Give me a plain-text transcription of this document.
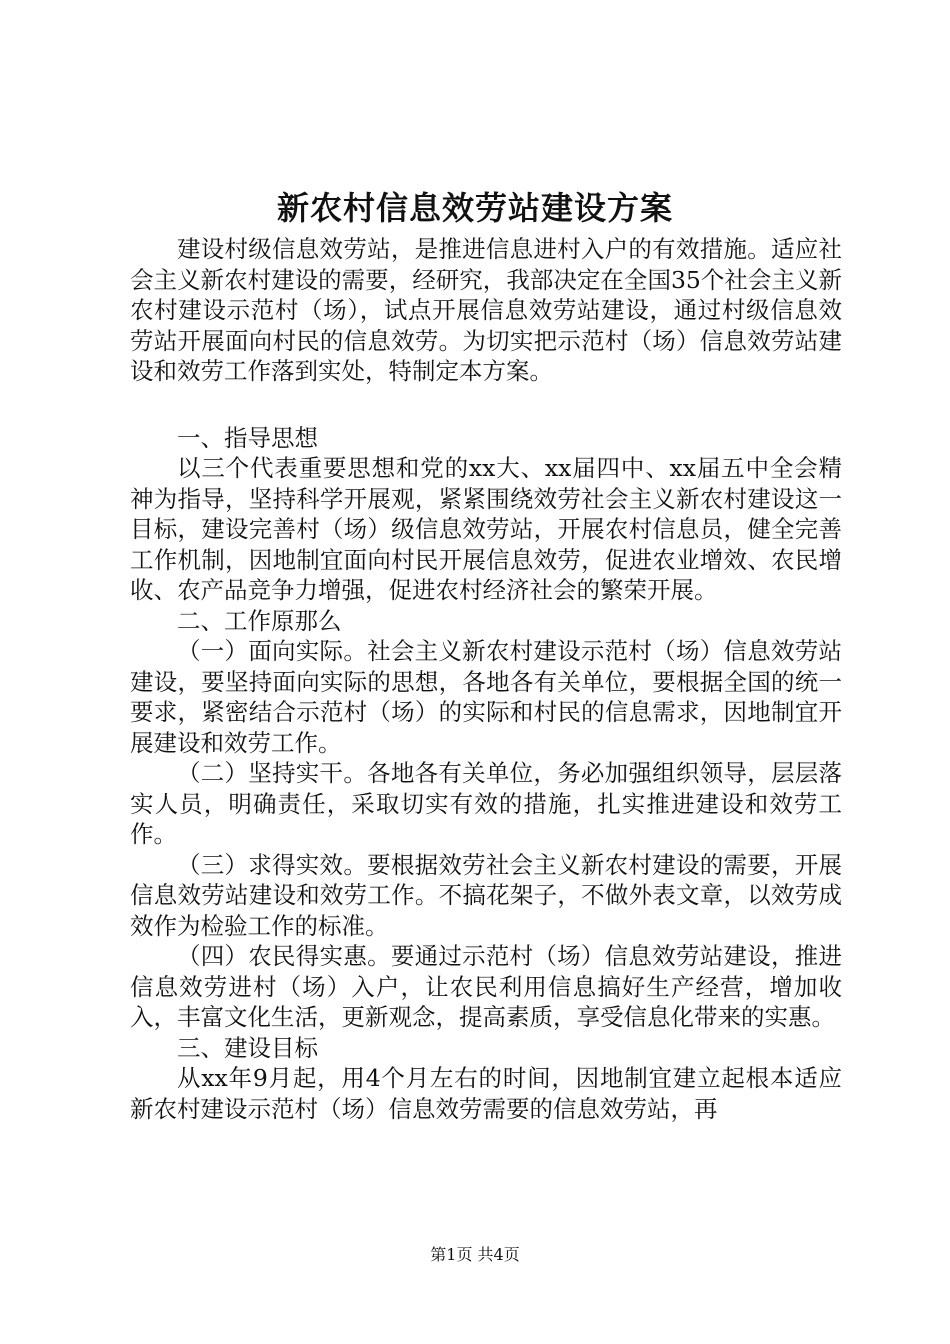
新农村信息效劳站建设方案

建设村级信息效劳站，是推进信息进村入户的有效措施。适应社会主义新农村建设的需要，经研究，我部决定在全国35个社会主义新农村建设示范村（场），试点开展信息效劳站建设，通过村级信息效劳站开展面向村民的信息效劳。为切实把示范村（场）信息效劳站建设和效劳工作落到实处，特制定本方案。

一、指导思想

以三个代表重要思想和党的xx大、xx届四中、xx届五中全会精神为指导，坚持科学开展观，紧紧围绕效劳社会主义新农村建设这一目标，建设完善村（场）级信息效劳站，开展农村信息员，健全完善工作机制，因地制宜面向村民开展信息效劳，促进农业增效、农民增收、农产品竞争力增强，促进农村经济社会的繁荣开展。

二、工作原那么

（一）面向实际。社会主义新农村建设示范村（场）信息效劳站建设，要坚持面向实际的思想，各地各有关单位，要根据全国的统一要求，紧密结合示范村（场）的实际和村民的信息需求，因地制宜开展建设和效劳工作。

（二）坚持实干。各地各有关单位，务必加强组织领导，层层落实人员，明确责任，采取切实有效的措施，扎实推进建设和效劳工作。

（三）求得实效。要根据效劳社会主义新农村建设的需要，开展信息效劳站建设和效劳工作。不搞花架子，不做外表文章，以效劳成效作为检验工作的标准。

（四）农民得实惠。要通过示范村（场）信息效劳站建设，推进信息效劳进村（场）入户，让农民利用信息搞好生产经营，增加收入，丰富文化生活，更新观念，提高素质，享受信息化带来的实惠。

三、建设目标

从xx年9月起，用4个月左右的时间，因地制宜建立起根本适应新农村建设示范村（场）信息效劳需要的信息效劳站，再

第1页 共4页
